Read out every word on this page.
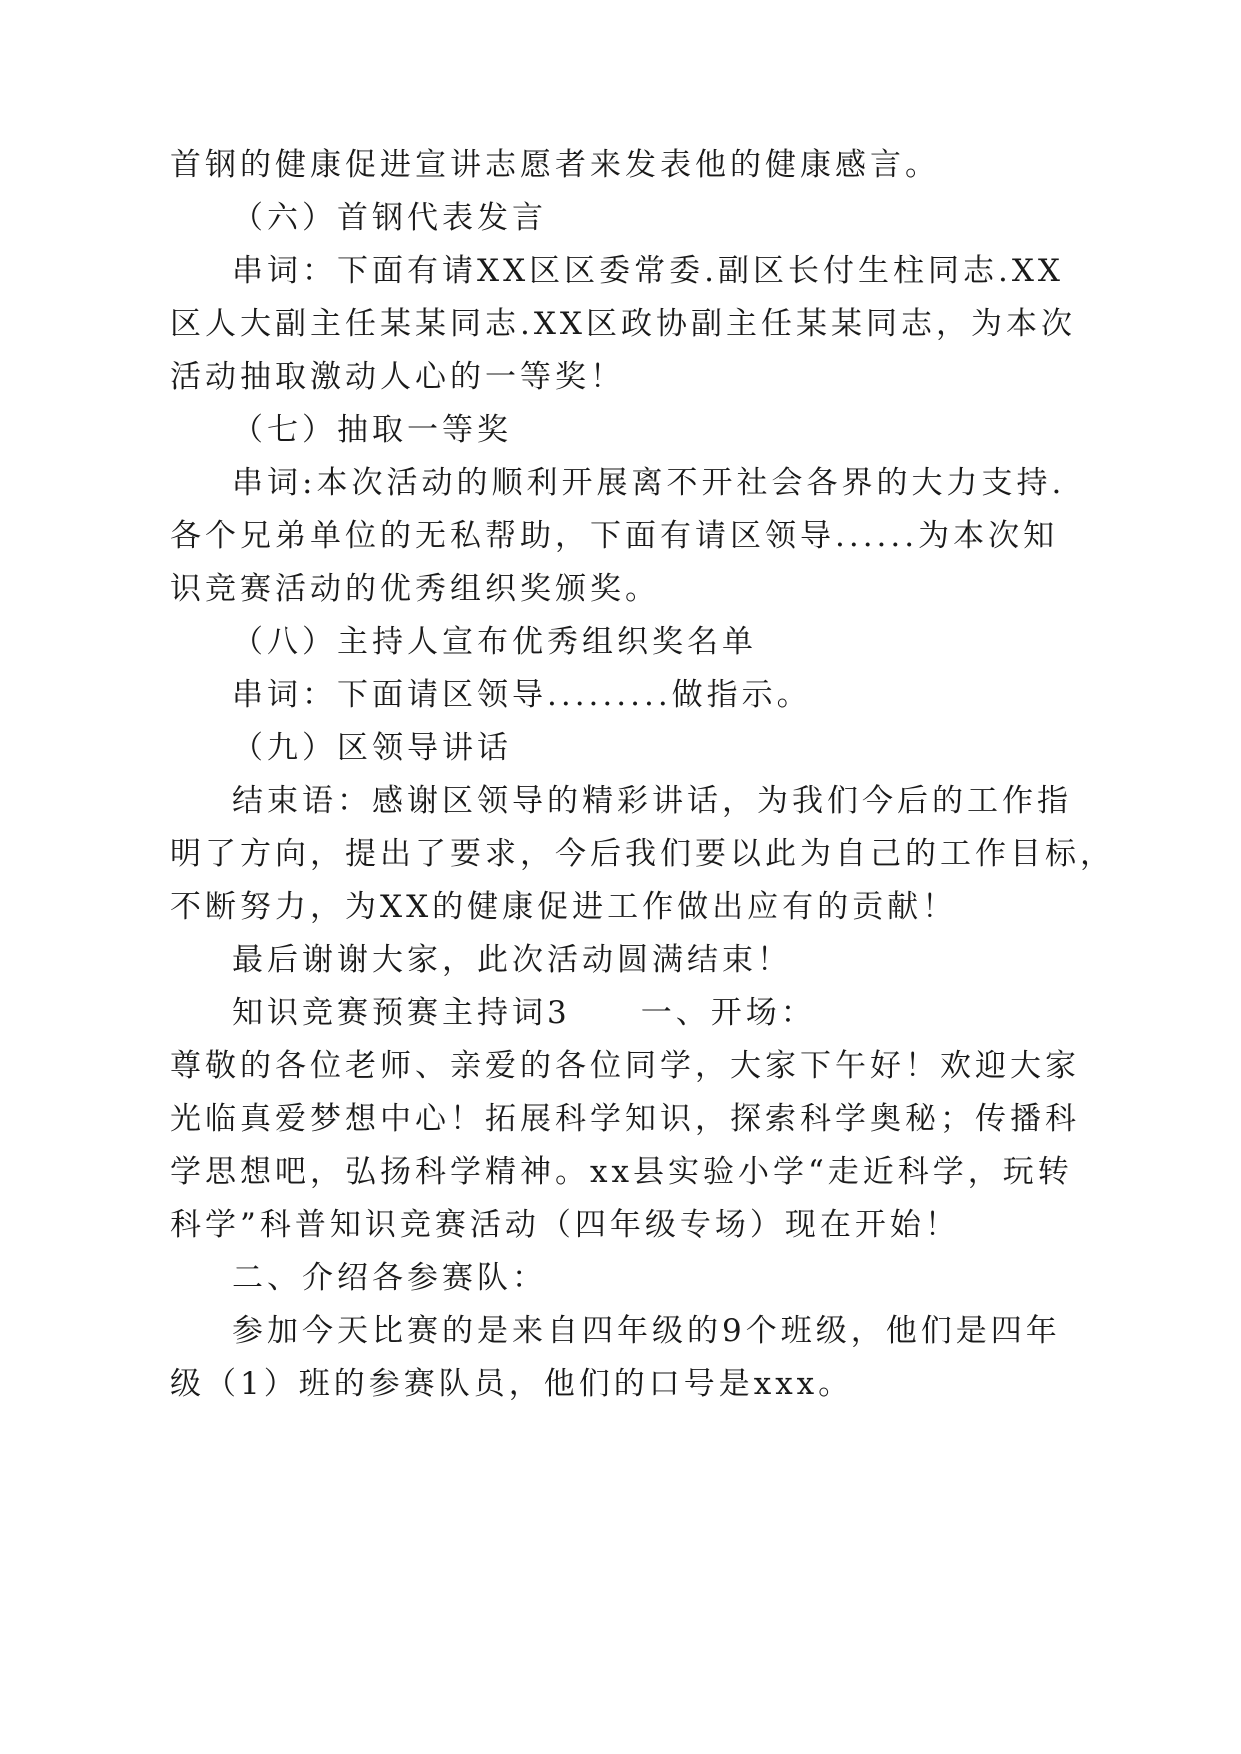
首钢的健康促进宣讲志愿者来发表他的健康感言。
（六）首钢代表发言
串词：下面有请XX区区委常委.副区长付生柱同志.XX
区人大副主任某某同志.XX区政协副主任某某同志，为本次
活动抽取激动人心的一等奖！
（七）抽取一等奖
串词:本次活动的顺利开展离不开社会各界的大力支持.
各个兄弟单位的无私帮助，下面有请区领导......为本次知
识竞赛活动的优秀组织奖颁奖。
（八）主持人宣布优秀组织奖名单
串词：下面请区领导.........做指示。
（九）区领导讲话
结束语：感谢区领导的精彩讲话，为我们今后的工作指
明了方向，提出了要求，今后我们要以此为自己的工作目标，
不断努力，为XX的健康促进工作做出应有的贡献！
最后谢谢大家，此次活动圆满结束！
知识竞赛预赛主持词3　　一、开场：
尊敬的各位老师、亲爱的各位同学，大家下午好！欢迎大家
光临真爱梦想中心！拓展科学知识，探索科学奥秘；传播科
学思想吧，弘扬科学精神。xx县实验小学“走近科学，玩转
科学”科普知识竞赛活动（四年级专场）现在开始！
二、介绍各参赛队：
参加今天比赛的是来自四年级的9个班级，他们是四年
级（1）班的参赛队员，他们的口号是xxx。
